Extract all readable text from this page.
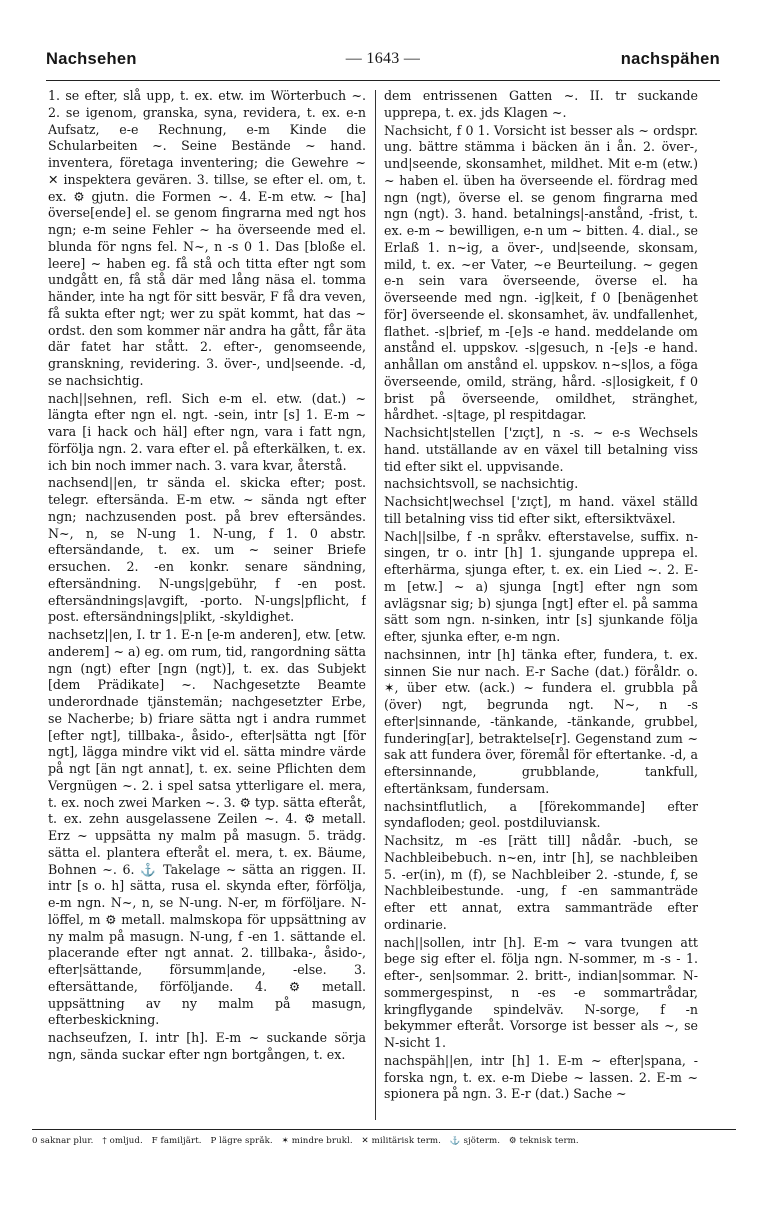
Nachsehen	— 1643 —	nachspähen

1. se efter, slå upp, t. ex. etw. im Wörterbuch ~. 2. se igenom, granska, syna, revidera, t. ex. e-n Aufsatz, e-e Rechnung, e-m Kinde die Schularbeiten ~. Seine Bestände ~ hand. inventera, företaga inventering; die Gewehre ~ ✕ inspektera gevären. 3. tillse, se efter el. om, t. ex. ⚙ gjutn. die Formen ~. 4. E-m etw. ~ [ha] överse[ende] el. se genom fingrarna med ngt hos ngn; e-m seine Fehler ~ ha överseende med el. blunda för ngns fel. N~, n -s 0 1. Das [bloße el. leere] ~ haben eg. få stå och titta efter ngt som undgått en, få stå där med lång näsa el. tomma händer, inte ha ngt för sitt besvär, F få dra veven, få sukta efter ngt; wer zu spät kommt, hat das ~ ordst. den som kommer när andra ha gått, får äta där fatet har stått. 2. efter-, genomseende, granskning, revidering. 3. över-, und|seende. -d, se nachsichtig.

nach||sehnen, refl. Sich e-m el. etw. (dat.) ~ längta efter ngn el. ngt. -sein, intr [s] 1. E-m ~ vara [i hack och häl] efter ngn, vara i fatt ngn, förfölja ngn. 2. vara efter el. på efterkälken, t. ex. ich bin noch immer nach. 3. vara kvar, återstå.

nachsend||en, tr sända el. skicka efter; post. telegr. eftersända. E-m etw. ~ sända ngt efter ngn; nachzusenden post. på brev eftersändes. N~, n, se N-ung 1. N-ung, f 1. 0 abstr. eftersändande, t. ex. um ~ seiner Briefe ersuchen. 2. -en konkr. senare sändning, eftersändning. N-ungs|gebühr, f -en post. eftersändnings|avgift, -porto. N-ungs|pflicht, f post. eftersändnings|plikt, -skyldighet.

nachsetz||en, I. tr 1. E-n [e-m anderen], etw. [etw. anderem] ~ a) eg. om rum, tid, rangordning sätta ngn (ngt) efter [ngn (ngt)], t. ex. das Subjekt [dem Prädikate] ~. Nachgesetzte Beamte underordnade tjänstemän; nachgesetzter Erbe, se Nacherbe; b) friare sätta ngt i andra rummet [efter ngt], tillbaka-, åsido-, efter|sätta ngt [för ngt], lägga mindre vikt vid el. sätta mindre värde på ngt [än ngt annat], t. ex. seine Pflichten dem Vergnügen ~. 2. i spel satsa ytterligare el. mera, t. ex. noch zwei Marken ~. 3. ⚙ typ. sätta efteråt, t. ex. zehn ausgelassene Zeilen ~. 4. ⚙ metall. Erz ~ uppsätta ny malm på masugn. 5. trädg. sätta el. plantera efteråt el. mera, t. ex. Bäume, Bohnen ~. 6. ⚓ Takelage ~ sätta an riggen. II. intr [s o. h] sätta, rusa el. skynda efter, förfölja, e-m ngn. N~, n, se N-ung. N-er, m förföljare. N-löffel, m ⚙ metall. malmskopa för uppsättning av ny malm på masugn. N-ung, f -en 1. sättande el. placerande efter ngt annat. 2. tillbaka-, åsido-, efter|sättande, försumm|ande, -else. 3. eftersättande, förföljande. 4. ⚙ metall. uppsättning av ny malm på masugn, efterbeskickning.

nachseufzen, I. intr [h]. E-m ~ suckande sörja ngn, sända suckar efter ngn bortgången, t. ex.

dem entrissenen Gatten ~. II. tr suckande upprepa, t. ex. jds Klagen ~.

Nachsicht, f 0 1. Vorsicht ist besser als ~ ordspr. ung. bättre stämma i bäcken än i ån. 2. över-, und|seende, skonsamhet, mildhet. Mit e-m (etw.) ~ haben el. üben ha överseende el. fördrag med ngn (ngt), överse el. se genom fingrarna med ngn (ngt). 3. hand. betalnings|-anstånd, -frist, t. ex. e-m ~ bewilligen, e-n um ~ bitten. 4. dial., se Erlaß 1. n~ig, a över-, und|seende, skonsam, mild, t. ex. ~er Vater, ~e Beurteilung. ~ gegen e-n sein vara överseende, överse el. ha överseende med ngn. -ig|keit, f 0 [benägenhet för] överseende el. skonsamhet, äv. undfallenhet, flathet. -s|brief, m -[e]s -e hand. meddelande om anstånd el. uppskov. -s|gesuch, n -[e]s -e hand. anhållan om anstånd el. uppskov. n~s|los, a föga överseende, omild, sträng, hård. -s|losigkeit, f 0 brist på överseende, omildhet, stränghet, hårdhet. -s|tage, pl respitdagar.

Nachsicht|stellen ['zɪçt], n -s. ~ e-s Wechsels hand. utställande av en växel till betalning viss tid efter sikt el. uppvisande.

nachsichtsvoll, se nachsichtig.

Nachsicht|wechsel ['zɪçt], m hand. växel ställd till betalning viss tid efter sikt, eftersiktväxel.

Nach||silbe, f -n språkv. efterstavelse, suffix. n-singen, tr o. intr [h] 1. sjungande upprepa el. efterhärma, sjunga efter, t. ex. ein Lied ~. 2. E-m [etw.] ~ a) sjunga [ngt] efter ngn som avlägsnar sig; b) sjunga [ngt] efter el. på samma sätt som ngn. n-sinken, intr [s] sjunkande följa efter, sjunka efter, e-m ngn.

nachsinnen, intr [h] tänka efter, fundera, t. ex. sinnen Sie nur nach. E-r Sache (dat.) föråldr. o. ✶, über etw. (ack.) ~ fundera el. grubbla på (över) ngt, begrunda ngt. N~, n -s efter|sinnande, -tänkande, -tänkande, grubbel, fundering[ar], betraktelse[r]. Gegenstand zum ~ sak att fundera över, föremål för eftertanke. -d, a eftersinnande, grubblande, tankfull, eftertänksam, fundersam.

nachsintflutlich, a [förekommande] efter syndafloden; geol. postdiluviansk.

Nachsitz, m -es [rätt till] nådår. -buch, se Nachbleibebuch. n~en, intr [h], se nachbleiben 5. -er(in), m (f), se Nachbleiber 2. -stunde, f, se Nachbleibestunde. -ung, f -en sammanträde efter ett annat, extra sammanträde efter ordinarie.

nach||sollen, intr [h]. E-m ~ vara tvungen att bege sig efter el. följa ngn. N-sommer, m -s - 1. efter-, sen|sommar. 2. britt-, indian|sommar. N-sommergespinst, n -es -e sommartrådar, kringflygande spindelväv. N-sorge, f -n bekymmer efteråt. Vorsorge ist besser als ~, se N-sicht 1.

nachspäh||en, intr [h] 1. E-m ~ efter|spana, -forska ngn, t. ex. e-m Diebe ~ lassen. 2. E-m ~ spionera på ngn. 3. E-r (dat.) Sache ~

0 saknar plur. † omljud. F familjärt. P lägre språk. ✶ mindre brukl. ✕ militärisk term. ⚓ sjöterm. ⚙ teknisk term.
